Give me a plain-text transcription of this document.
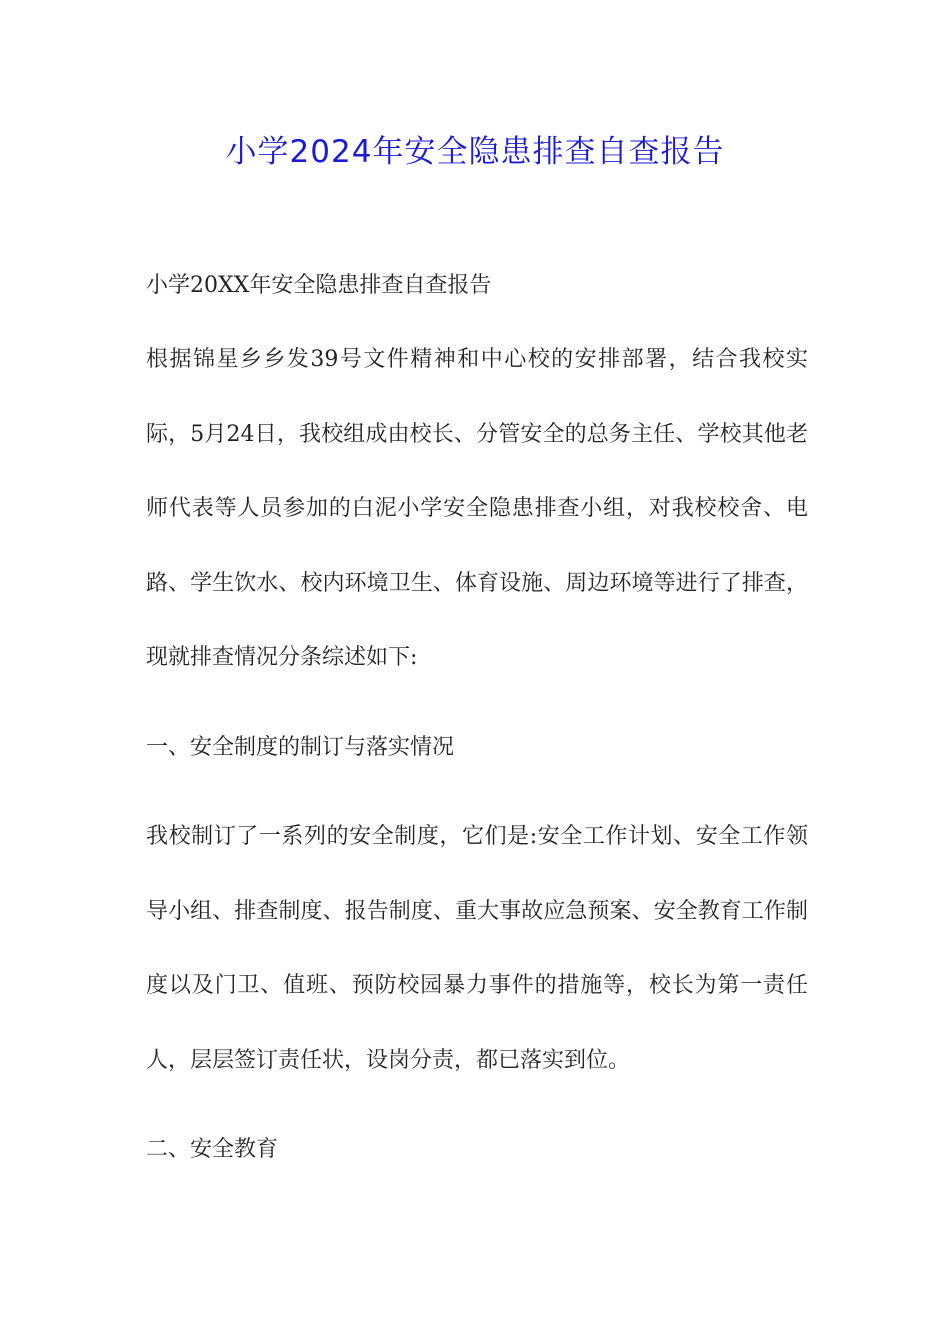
小学2024年安全隐患排查自查报告

小学20XX年安全隐患排查自查报告

根据锦星乡乡发39号文件精神和中心校的安排部署，结合我校实际，5月24日，我校组成由校长、分管安全的总务主任、学校其他老师代表等人员参加的白泥小学安全隐患排查小组，对我校校舍、电路、学生饮水、校内环境卫生、体育设施、周边环境等进行了排查，现就排查情况分条综述如下:

一、安全制度的制订与落实情况

我校制订了一系列的安全制度，它们是:安全工作计划、安全工作领导小组、排查制度、报告制度、重大事故应急预案、安全教育工作制度以及门卫、值班、预防校园暴力事件的措施等，校长为第一责任人，层层签订责任状，设岗分责，都已落实到位。

二、安全教育
